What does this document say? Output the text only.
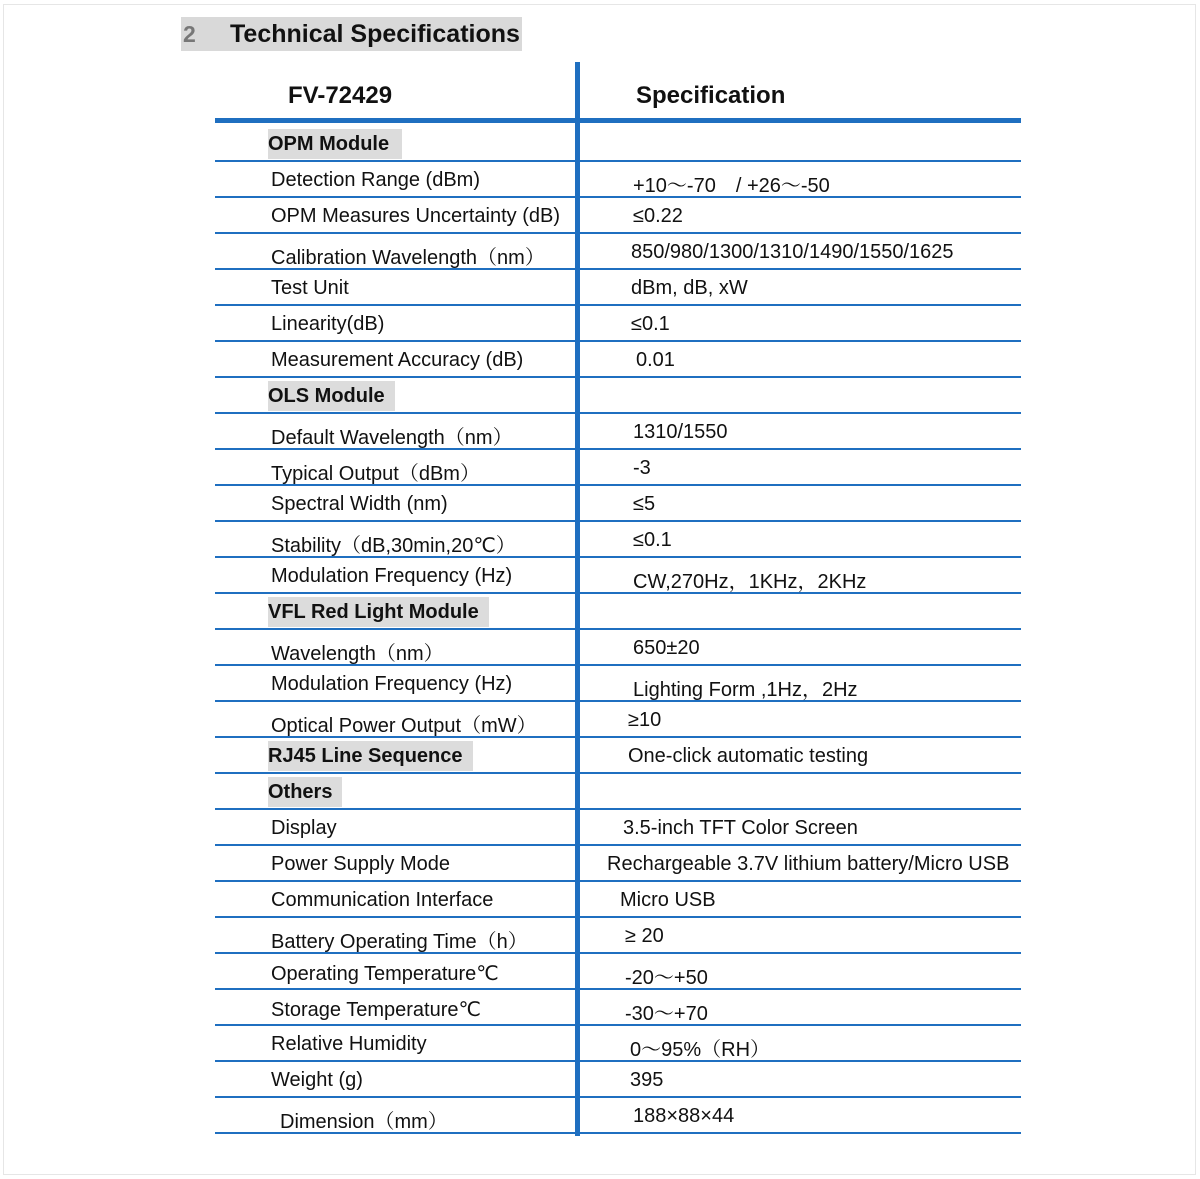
2	Technical Specifications
FV-72429	Specification
OPM Module
Detection Range (dBm)	+10～-70　/ +26～-50
OPM Measures Uncertainty (dB)	≤0.22
Calibration Wavelength（nm）	850/980/1300/1310/1490/1550/1625
Test Unit	dBm, dB, xW
Linearity(dB)	≤0.1
Measurement Accuracy (dB)	0.01
OLS Module
Default Wavelength（nm）	1310/1550
Typical Output（dBm）	-3
Spectral Width (nm)	≤5
Stability（dB,30min,20℃）	≤0.1
Modulation Frequency (Hz)	CW,270Hz，1KHz，2KHz
VFL Red Light Module
Wavelength（nm）	650±20
Modulation Frequency (Hz)	Lighting Form ,1Hz，2Hz
Optical Power Output（mW）	≥10
RJ45 Line Sequence	One-click automatic testing
Others
Display	3.5-inch TFT Color Screen
Power Supply Mode	Rechargeable 3.7V lithium battery/Micro USB
Communication Interface	Micro USB
Battery Operating Time（h）	≥ 20
Operating Temperature℃	-20～+50
Storage Temperature℃	-30～+70
Relative Humidity	0～95%（RH）
Weight (g)	395
Dimension（mm）	188×88×44
